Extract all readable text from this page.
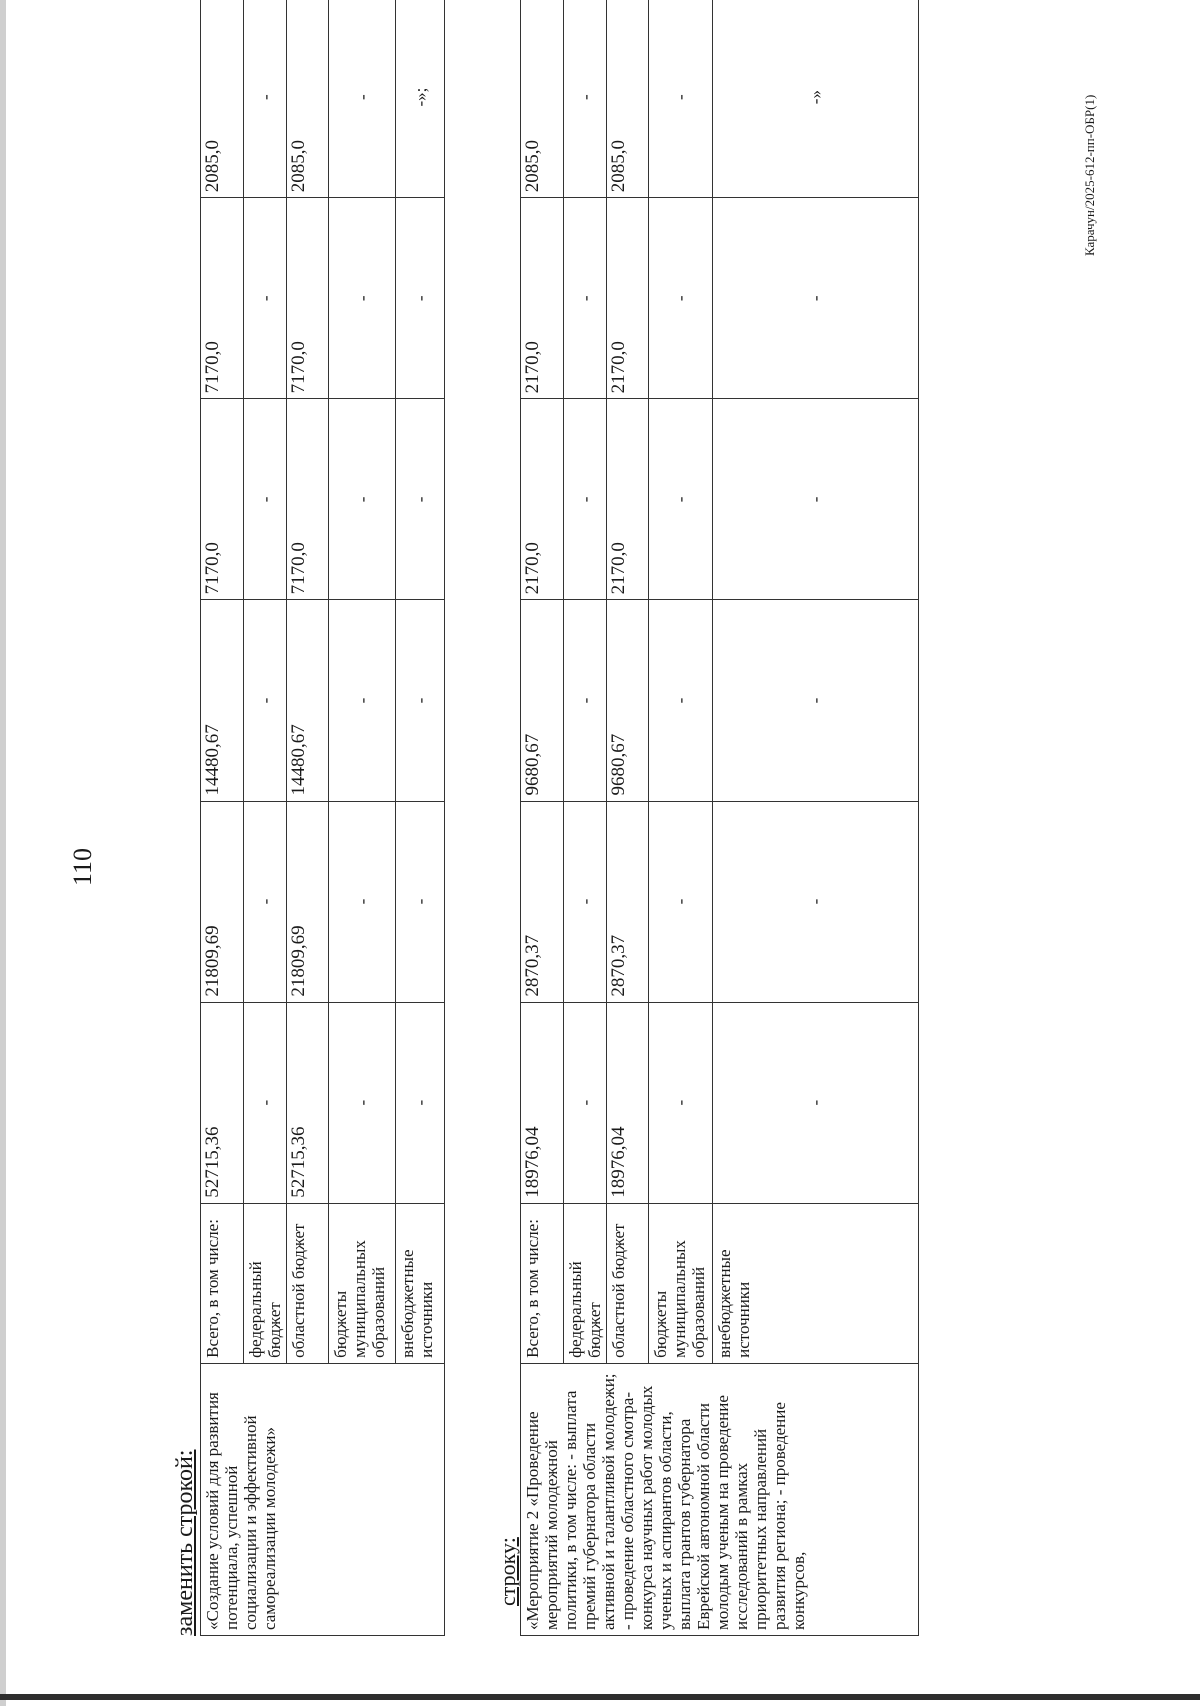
110
заменить строкой: «Создание условий для развития потенциала, успешной социализации и эффективной самореализации молодежи»	Всего, в том числе:	52715,36	21809,69	14480,67	7170,0	7170,0	2085,0
	федеральный бюджет	-	-	-	-	-	-
	областной бюджет	52715,36	21809,69	14480,67	7170,0	7170,0	2085,0
	бюджеты муниципальных образований	-	-	-	-	-	-
	внебюджетные источники	-	-	-	-	-	-»;
строку: «Мероприятие 2 «Проведение мероприятий молодежной политики, в том числе: - выплата премий губернатора области активной и талантливой молодежи; - проведение областного смотра-конкурса научных работ молодых ученых и аспирантов области, выплата грантов губернатора Еврейской автономной области молодым ученым на проведение исследований в рамках приоритетных направлений развития региона; - проведение конкурсов,	Всего, в том числе:	18976,04	2870,37	9680,67	2170,0	2170,0	2085,0
	федеральный бюджет	-	-	-	-	-	-
	областной бюджет	18976,04	2870,37	9680,67	2170,0	2170,0	2085,0
	бюджеты муниципальных образований	-	-	-	-	-	-
	внебюджетные источники	-	-	-	-	-	-»	Карачун/2025-612-пп-ОБР(1)
